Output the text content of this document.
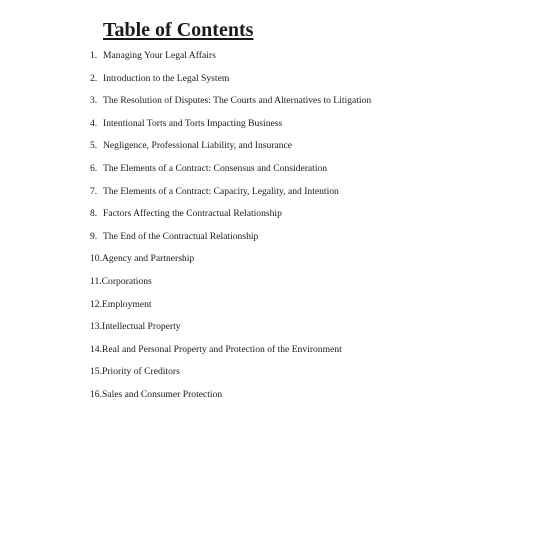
Table of Contents
1. Managing Your Legal Affairs
2. Introduction to the Legal System
3. The Resolution of Disputes: The Courts and Alternatives to Litigation
4. Intentional Torts and Torts Impacting Business
5. Negligence, Professional Liability, and Insurance
6. The Elements of a Contract: Consensus and Consideration
7. The Elements of a Contract: Capacity, Legality, and Intention
8. Factors Affecting the Contractual Relationship
9. The End of the Contractual Relationship
10. Agency and Partnership
11. Corporations
12. Employment
13. Intellectual Property
14. Real and Personal Property and Protection of the Environment
15. Priority of Creditors
16. Sales and Consumer Protection
